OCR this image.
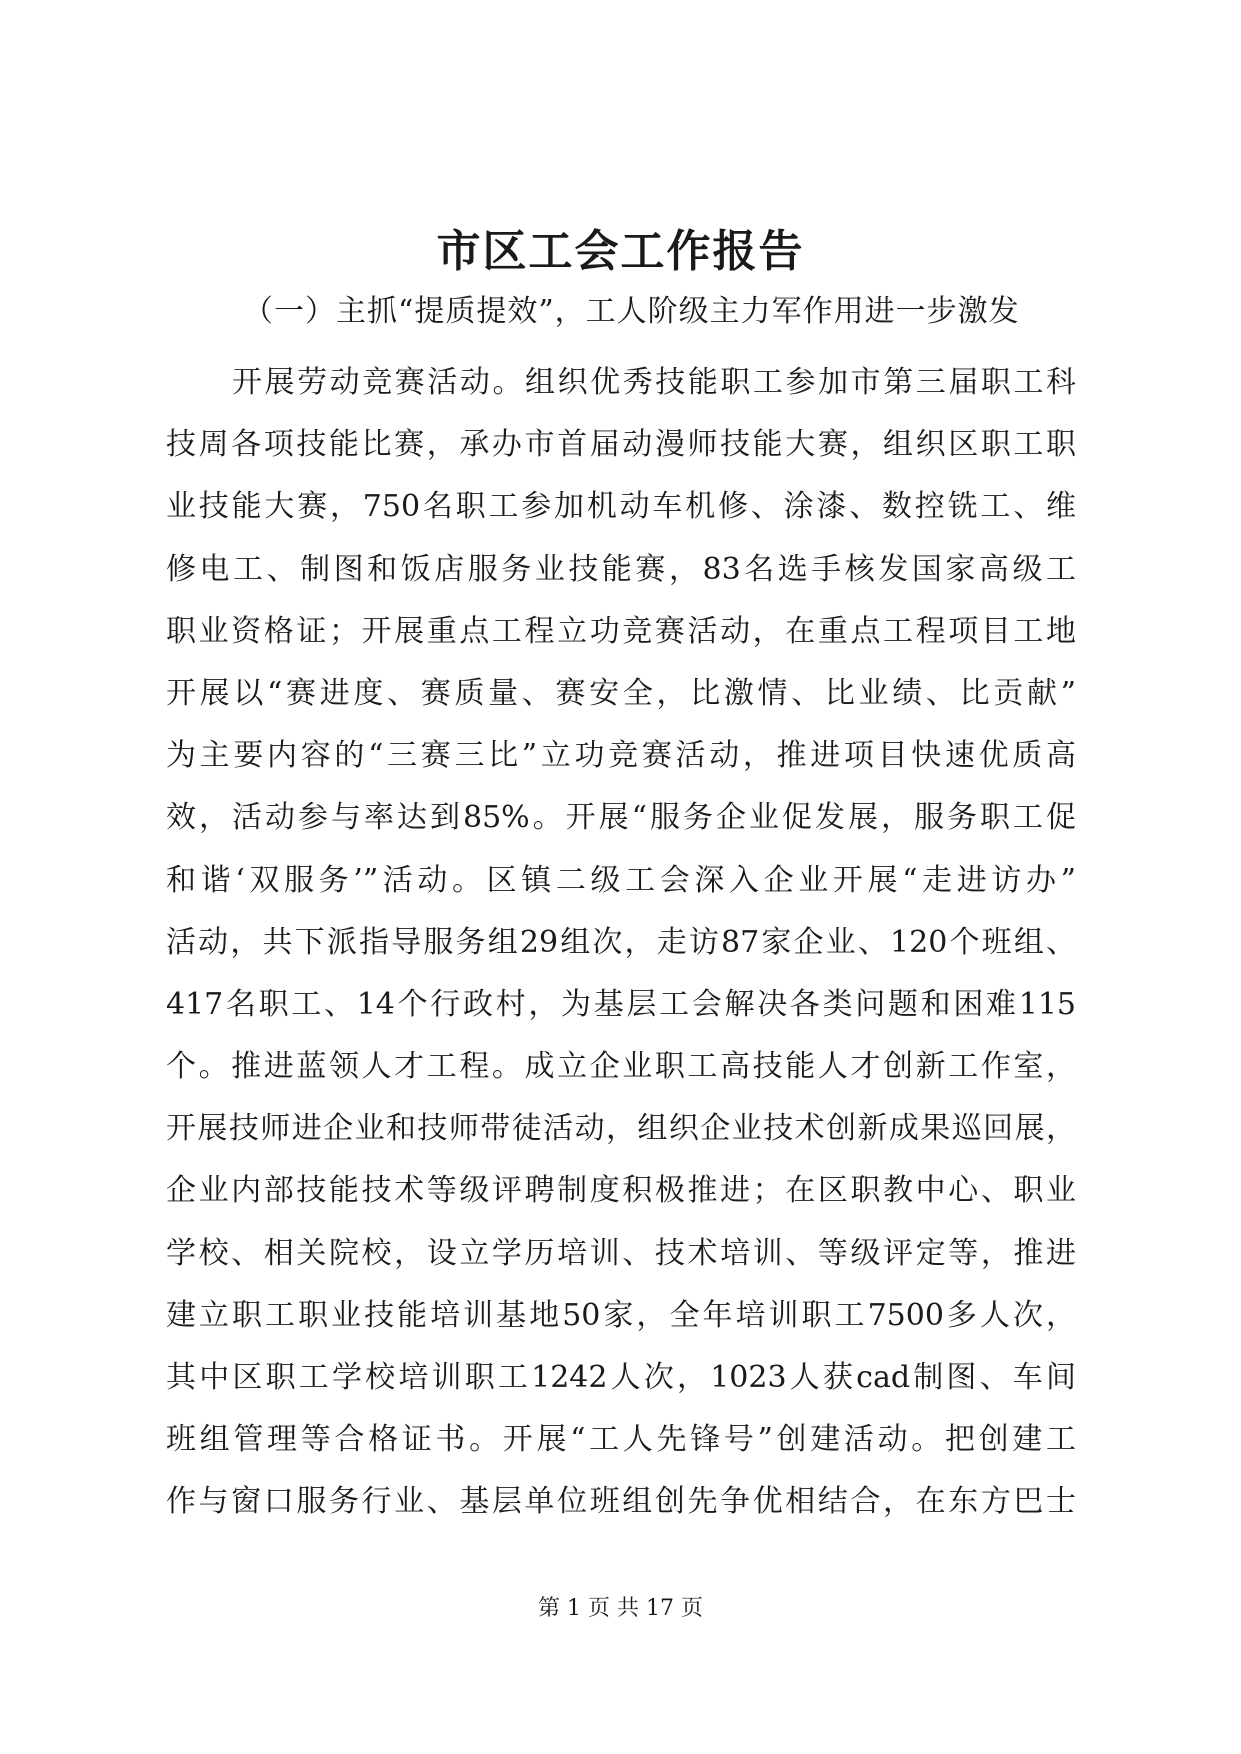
市区工会工作报告

（一）主抓“提质提效”，工人阶级主力军作用进一步激发

开展劳动竞赛活动。组织优秀技能职工参加市第三届职工科
技周各项技能比赛，承办市首届动漫师技能大赛，组织区职工职
业技能大赛，750名职工参加机动车机修、涂漆、数控铣工、维
修电工、制图和饭店服务业技能赛，83名选手核发国家高级工
职业资格证；开展重点工程立功竞赛活动，在重点工程项目工地
开展以“赛进度、赛质量、赛安全，比激情、比业绩、比贡献”
为主要内容的“三赛三比”立功竞赛活动，推进项目快速优质高
效，活动参与率达到85%。开展“服务企业促发展，服务职工促
和谐‘双服务’”活动。区镇二级工会深入企业开展“走进访办”
活动，共下派指导服务组29组次，走访87家企业、120个班组、
417名职工、14个行政村，为基层工会解决各类问题和困难115
个。推进蓝领人才工程。成立企业职工高技能人才创新工作室，
开展技师进企业和技师带徒活动，组织企业技术创新成果巡回展，
企业内部技能技术等级评聘制度积极推进；在区职教中心、职业
学校、相关院校，设立学历培训、技术培训、等级评定等，推进
建立职工职业技能培训基地50家，全年培训职工7500多人次，
其中区职工学校培训职工1242人次，1023人获cad制图、车间
班组管理等合格证书。开展“工人先锋号”创建活动。把创建工
作与窗口服务行业、基层单位班组创先争优相结合，在东方巴士

第 1 页 共 17 页
